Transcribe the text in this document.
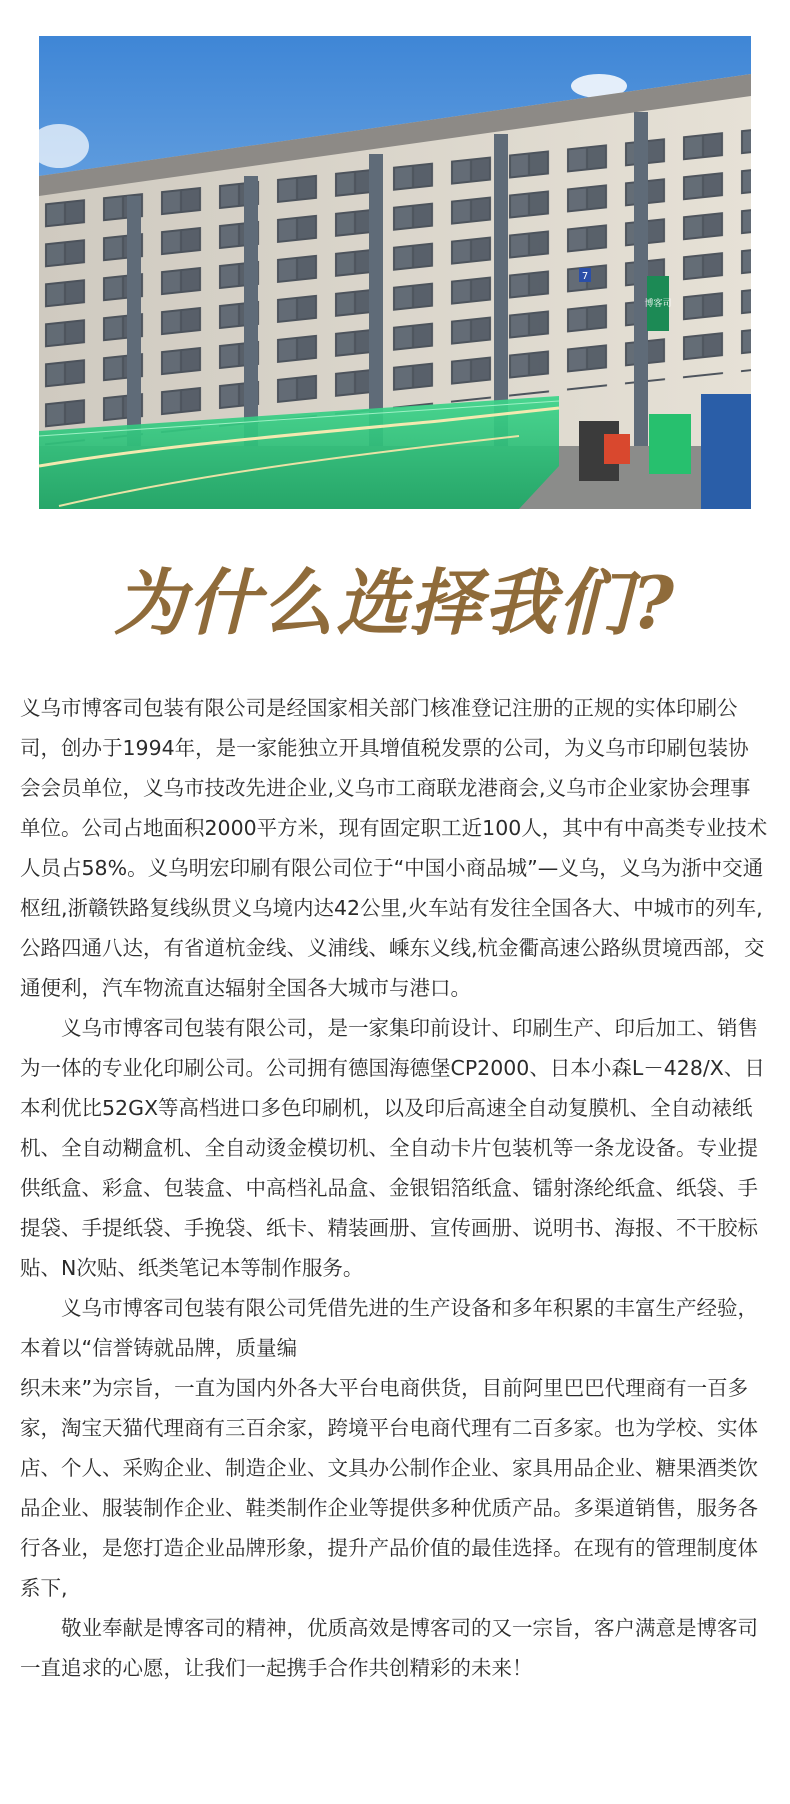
博客司
7
为什么选择我们?

义乌市博客司包装有限公司是经国家相关部门核准登记注册的正规的实体印刷公司，创办于1994年，是一家能独立开具增值税发票的公司，为义乌市印刷包装协会会员单位，义乌市技改先进企业,义乌市工商联龙港商会,义乌市企业家协会理事单位。公司占地面积2000平方米，现有固定职工近100人，其中有中高类专业技术人员占58%。义乌明宏印刷有限公司位于“中国小商品城”—义乌，义乌为浙中交通枢纽,浙赣铁路复线纵贯义乌境内达42公里,火车站有发往全国各大、中城市的列车,公路四通八达，有省道杭金线、义浦线、嵊东义线,杭金衢高速公路纵贯境西部，交通便利，汽车物流直达辐射全国各大城市与港口。

义乌市博客司包装有限公司，是一家集印前设计、印刷生产、印后加工、销售为一体的专业化印刷公司。公司拥有德国海德堡CP2000、日本小森L－428/X、日本利优比52GX等高档进口多色印刷机，以及印后高速全自动复膜机、全自动裱纸机、全自动糊盒机、全自动烫金模切机、全自动卡片包装机等一条龙设备。专业提供纸盒、彩盒、包装盒、中高档礼品盒、金银铝箔纸盒、镭射涤纶纸盒、纸袋、手提袋、手提纸袋、手挽袋、纸卡、精装画册、宣传画册、说明书、海报、不干胶标贴、N次贴、纸类笔记本等制作服务。

义乌市博客司包装有限公司凭借先进的生产设备和多年积累的丰富生产经验，本着以“信誉铸就品牌，质量编

织未来”为宗旨，一直为国内外各大平台电商供货，目前阿里巴巴代理商有一百多家，淘宝天猫代理商有三百余家，跨境平台电商代理有二百多家。也为学校、实体店、个人、采购企业、制造企业、文具办公制作企业、家具用品企业、糖果酒类饮品企业、服装制作企业、鞋类制作企业等提供多种优质产品。多渠道销售，服务各行各业，是您打造企业品牌形象，提升产品价值的最佳选择。在现有的管理制度体系下,

敬业奉献是博客司的精神，优质高效是博客司的又一宗旨，客户满意是博客司一直追求的心愿，让我们一起携手合作共创精彩的未来！
